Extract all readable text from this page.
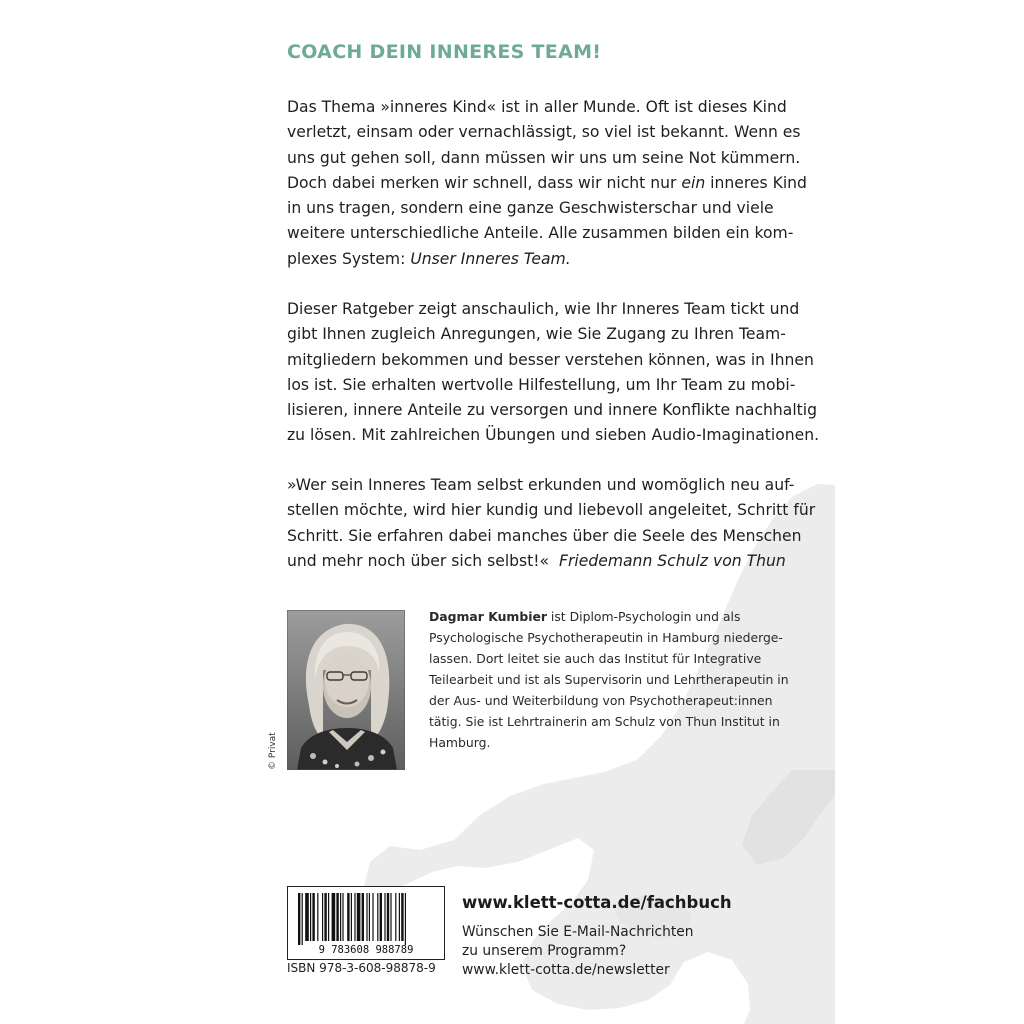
COACH DEIN INNERES TEAM!

Das Thema »inneres Kind« ist in aller Munde. Oft ist dieses Kind
verletzt, einsam oder vernachlässigt, so viel ist bekannt. Wenn es
uns gut gehen soll, dann müssen wir uns um seine Not kümmern.
Doch dabei merken wir schnell, dass wir nicht nur ein inneres Kind
in uns tragen, sondern eine ganze Geschwisterschar und viele
weitere unterschiedliche Anteile. Alle zusammen bilden ein kom-
plexes System: Unser Inneres Team.

Dieser Ratgeber zeigt anschaulich, wie Ihr Inneres Team tickt und
gibt Ihnen zugleich Anregungen, wie Sie Zugang zu Ihren Team-
mitgliedern bekommen und besser verstehen können, was in Ihnen
los ist. Sie erhalten wertvolle Hilfestellung, um Ihr Team zu mobi-
lisieren, innere Anteile zu versorgen und innere Konflikte nachhaltig
zu lösen. Mit zahlreichen Übungen und sieben Audio-Imaginationen.

»Wer sein Inneres Team selbst erkunden und womöglich neu auf-
stellen möchte, wird hier kundig und liebevoll angeleitet, Schritt für
Schritt. Sie erfahren dabei manches über die Seele des Menschen
und mehr noch über sich selbst!« Friedemann Schulz von Thun

© Privat

Dagmar Kumbier ist Diplom-Psychologin und als
Psychologische Psychotherapeutin in Hamburg niederge-
lassen. Dort leitet sie auch das Institut für Integrative
Teilearbeit und ist als Supervisorin und Lehrtherapeutin in
der Aus- und Weiterbildung von Psychotherapeut:innen
tätig. Sie ist Lehrtrainerin am Schulz von Thun Institut in
Hamburg.

9 783608 988789
ISBN 978-3-608-98878-9
www.klett-cotta.de/fachbuch
Wünschen Sie E-Mail-Nachrichten
zu unserem Programm?
www.klett-cotta.de/newsletter
